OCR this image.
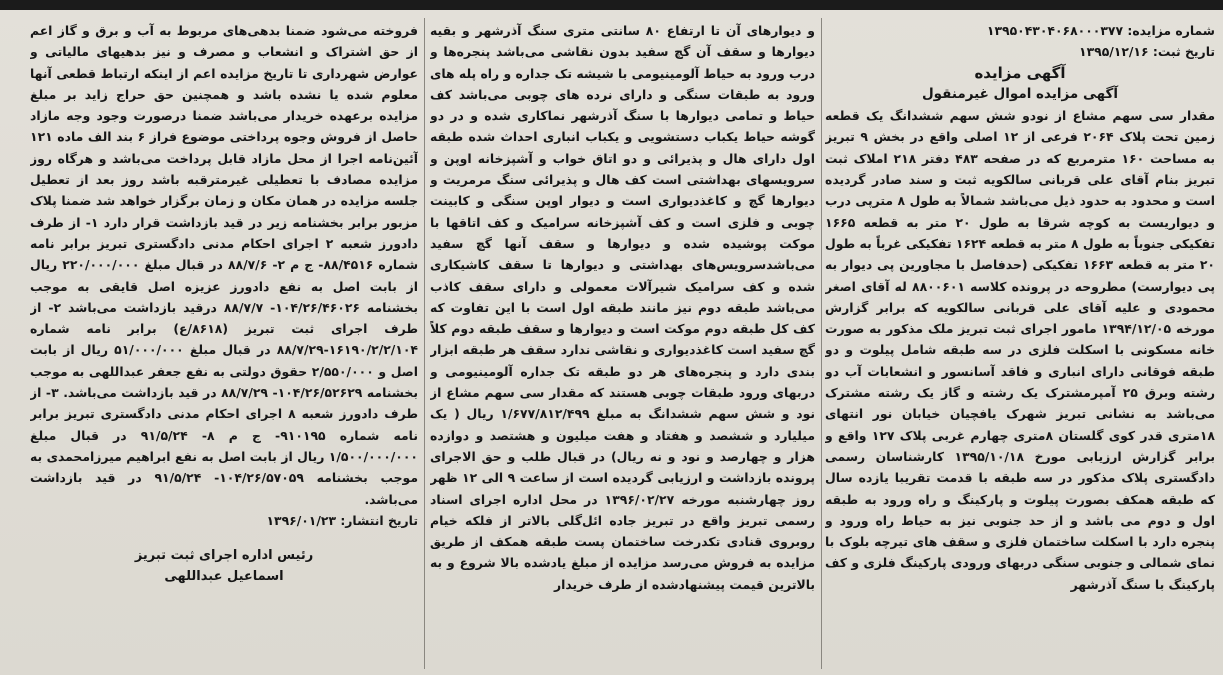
شماره مزایده: ۱۳۹۵۰۴۳۰۴۰۶۸۰۰۰۳۷۷
تاریخ ثبت: ۱۳۹۵/۱۲/۱۶
آگهی مزایده
آگهی مزایده اموال غیرمنقول
مقدار سی سهم مشاع از نودو شش سهم ششدانگ یک قطعه زمین تحت پلاک ۲۰۶۴ فرعی از ۱۲ اصلی واقع در بخش ۹ تبریز به مساحت ۱۶۰ مترمربع که در صفحه ۴۸۳ دفتر ۲۱۸ املاک ثبت تبریز بنام آقای علی قربانی سالکویه ثبت و سند صادر گردیده است و محدود به حدود ذیل می‌باشد شمالاً به طول ۸ مترپی درب و دیواریست به کوچه شرقا به طول ۲۰ متر به قطعه ۱۶۶۵ تفکیکی جنوباً به طول ۸ متر به قطعه ۱۶۲۴ تفکیکی غرباً به طول ۲۰ متر به قطعه ۱۶۶۳ تفکیکی (حدفاصل با مجاورین پی دیوار به پی دیوارست) مطروحه در پرونده کلاسه ۸۸۰۰۶۰۱ له آقای اصغر محمودی و علیه آقای علی قربانی سالکویه که برابر گزارش مورخه ۱۳۹۴/۱۲/۰۵ مامور اجرای ثبت تبریز ملک مذکور به صورت خانه مسکونی با اسکلت فلزی در سه طبقه شامل پیلوت و دو طبقه فوقانی دارای انباری و فاقد آسانسور و انشعابات آب دو رشته وبرق ۲۵ آمپرمشترک یک رشته و گاز یک رشته مشترک می‌باشد به نشانی تبریز شهرک یافچیان خیابان نور انتهای ۱۸متری قدر کوی گلستان ۸متری چهارم غربی پلاک ۱۲۷ واقع و برابر گزارش ارزیابی مورخ ۱۳۹۵/۱۰/۱۸ کارشناسان رسمی دادگستری پلاک مذکور در سه طبقه با قدمت تقریبا یازده سال که طبقه همکف بصورت پیلوت و پارکینگ و راه ورود به طبقه اول و دوم می باشد و از حد جنوبی نیز به حیاط راه ورود و پنجره دارد با اسکلت ساختمان فلزی و سقف های تیرچه بلوک با نمای شمالی و جنوبی سنگی دربهای ورودی پارکینگ فلزی و کف پارکینگ با سنگ آذرشهر
و دیوارهای آن تا ارتفاع ۸۰ سانتی متری سنگ آذرشهر و بقیه دیوارها و سقف آن گچ سفید بدون نقاشی می‌باشد پنجره‌ها و درب ورود به حیاط آلومینیومی با شیشه تک جداره و راه پله های ورود به طبقات سنگی و دارای نرده های چوبی می‌باشد کف حیاط و تمامی دیوارها با سنگ آذرشهر نماکاری شده و در دو گوشه حیاط یکباب دستشویی و یکباب انباری احداث شده طبقه اول دارای هال و پذیرائی و دو اتاق خواب و آشپزخانه اوپن و سرویسهای بهداشتی است کف هال و پذیرائی سنگ مرمریت و دیوارها گچ و کاغذدیواری است و دیوار اوپن سنگی و کابینت چوبی و فلزی است و کف آشپزخانه سرامیک و کف اتاقها با موکت پوشیده شده و دیوارها و سقف آنها گچ سفید می‌باشدسرویس‌های بهداشتی و دیوارها تا سقف کاشیکاری شده و کف سرامیک شیرآلات معمولی و دارای سقف کاذب می‌باشد طبقه دوم نیز مانند طبقه اول است با این تفاوت که کف کل طبقه دوم موکت است و دیوارها و سقف طبقه دوم کلاً گچ سفید است کاغذدیواری و نقاشی ندارد سقف هر طبقه ابزار بندی دارد و پنجره‌های هر دو طبقه تک جداره آلومینیومی و دربهای ورود طبقات چوبی هستند که مقدار سی سهم مشاع از نود و شش سهم ششدانگ به مبلغ ۱/۶۷۷/۸۱۲/۴۹۹ ریال ( یک میلیارد و ششصد و هفتاد و هفت میلیون و هشتصد و دوازده هزار و چهارصد و نود و نه ریال) در قبال طلب و حق الاجرای پرونده بازداشت و ارزیابی گردیده است از ساعت ۹ الی ۱۲ ظهر روز چهارشنبه مورخه ۱۳۹۶/۰۲/۲۷ در محل اداره اجرای اسناد رسمی تبریز واقع در تبریز جاده ائل‌گلی بالاتر از فلکه خیام روبروی قنادی تکدرخت ساختمان پست طبقه همکف از طریق مزایده به فروش می‌رسد مزایده از مبلغ یادشده بالا شروع و به بالاترین قیمت پیشنهادشده از طرف خریدار
فروخته می‌شود ضمنا بدهی‌های مربوط به آب و برق و گاز اعم از حق اشتراک و انشعاب و مصرف و نیز بدهیهای مالیاتی و عوارض شهرداری تا تاریخ مزایده اعم از اینکه ارتباط قطعی آنها معلوم شده یا نشده باشد و همچنین حق حراج زاید بر مبلغ مزایده برعهده خریدار می‌باشد ضمنا درصورت وجود وجه مازاد حاصل از فروش وجوه پرداختی موضوع فراز ۶ بند الف ماده ۱۲۱ آئین‌نامه اجرا از محل مازاد قابل پرداخت می‌باشد و هرگاه روز مزایده مصادف با تعطیلی غیرمترقبه باشد روز بعد از تعطیل جلسه مزایده در همان مکان و زمان برگزار خواهد شد ضمنا پلاک مزبور برابر بخشنامه زیر در قید بازداشت قرار دارد ۱- از طرف دادورز شعبه ۲ اجرای احکام مدنی دادگستری تبریز برابر نامه شماره ۸۸/۴۵۱۶- ج م ۲- ۸۸/۷/۶ در قبال مبلغ ۲۲۰/۰۰۰/۰۰۰ ریال از بابت اصل به نفع دادورز عزیزه اصل قایقی به موجب بخشنامه ۱۰۴/۲۶/۴۶۰۲۶- ۸۸/۷/۷ درقید بازداشت می‌باشد ۲- از طرف اجرای ثبت تبریز (۸۶۱۸/ع) برابر نامه شماره ۱۶۱۹۰/۲/۲/۱۰۴-۸۸/۷/۲۹ در قبال مبلغ ۵۱/۰۰۰/۰۰۰ ریال از بابت اصل و ۲/۵۵۰/۰۰۰ حقوق دولتی به نفع جعفر عبداللهی به موجب بخشنامه ۱۰۴/۲۶/۵۲۶۲۹- ۸۸/۷/۲۹ در قید بازداشت می‌باشد. ۳- از طرف دادورز شعبه ۸ اجرای احکام مدنی دادگستری تبریز برابر نامه شماره ۹۱۰۱۹۵- ج م ۸- ۹۱/۵/۲۴ در قبال مبلغ ۱/۵۰۰/۰۰۰/۰۰۰ ریال از بابت اصل به نفع ابراهیم میرزامحمدی به موجب بخشنامه ۱۰۴/۲۶/۵۷۰۵۹- ۹۱/۵/۲۴ در قید بازداشت می‌باشد.
تاریخ انتشار: ۱۳۹۶/۰۱/۲۳
رئیس اداره اجرای ثبت تبریز
اسماعیل عبداللهی
